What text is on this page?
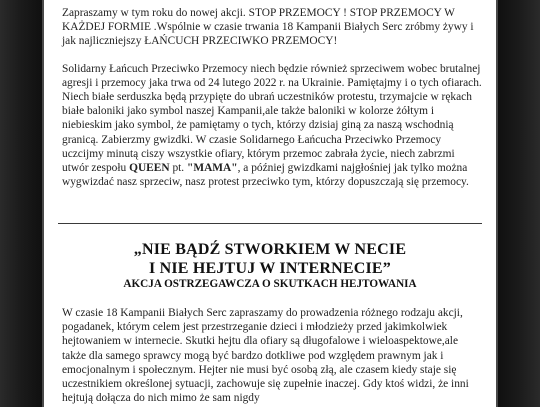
Zapraszamy w tym roku do nowej akcji. STOP PRZEMOCY ! STOP PRZEMOCY W KAŻDEJ FORMIE .Wspólnie w czasie trwania 18 Kampanii Białych Serc zróbmy żywy i jak najliczniejszy ŁAŃCUCH PRZECIWKO PRZEMOCY!

Solidarny Łańcuch Przeciwko Przemocy niech będzie również sprzeciwem wobec brutalnej agresji i przemocy jaka trwa od 24 lutego 2022 r. na Ukrainie. Pamiętajmy i o tych ofiarach. Niech białe serduszka będą przypięte do ubrań uczestników protestu, trzymajcie w rękach białe baloniki jako symbol naszej Kampanii,ale także baloniki w kolorze żółtym i niebieskim jako symbol, że pamiętamy o tych, którzy dzisiaj giną za naszą wschodnią granicą. Zabierzmy gwizdki. W czasie Solidarnego Łańcucha Przeciwko Przemocy uczcijmy minutą ciszy wszystkie ofiary, którym przemoc zabrała życie, niech zabrzmi utwór zespołu QUEEN pt. "MAMA", a później gwizdkami najgłośniej jak tylko można wygwizdać nasz sprzeciw, nasz protest przeciwko tym, którzy dopuszczają się przemocy.

„NIE BĄDŹ STWORKIEM W NECIE
I NIE HEJTUJ W INTERNECIE”
AKCJA OSTRZEGAWCZA O SKUTKACH HEJTOWANIA

W czasie 18 Kampanii Białych Serc zapraszamy do prowadzenia różnego rodzaju akcji, pogadanek, którym celem jest przestrzeganie dzieci i młodzieży przed jakimkolwiek hejtowaniem w internecie. Skutki hejtu dla ofiary są długofalowe i wieloaspektowe,ale także dla samego sprawcy mogą być bardzo dotkliwe pod względem prawnym jak i emocjonalnym i społecznym. Hejter nie musi być osobą złą, ale czasem kiedy staje się uczestnikiem określonej sytuacji, zachowuje się zupełnie inaczej. Gdy ktoś widzi, że inni hejtują dołącza do nich mimo że sam nigdy
